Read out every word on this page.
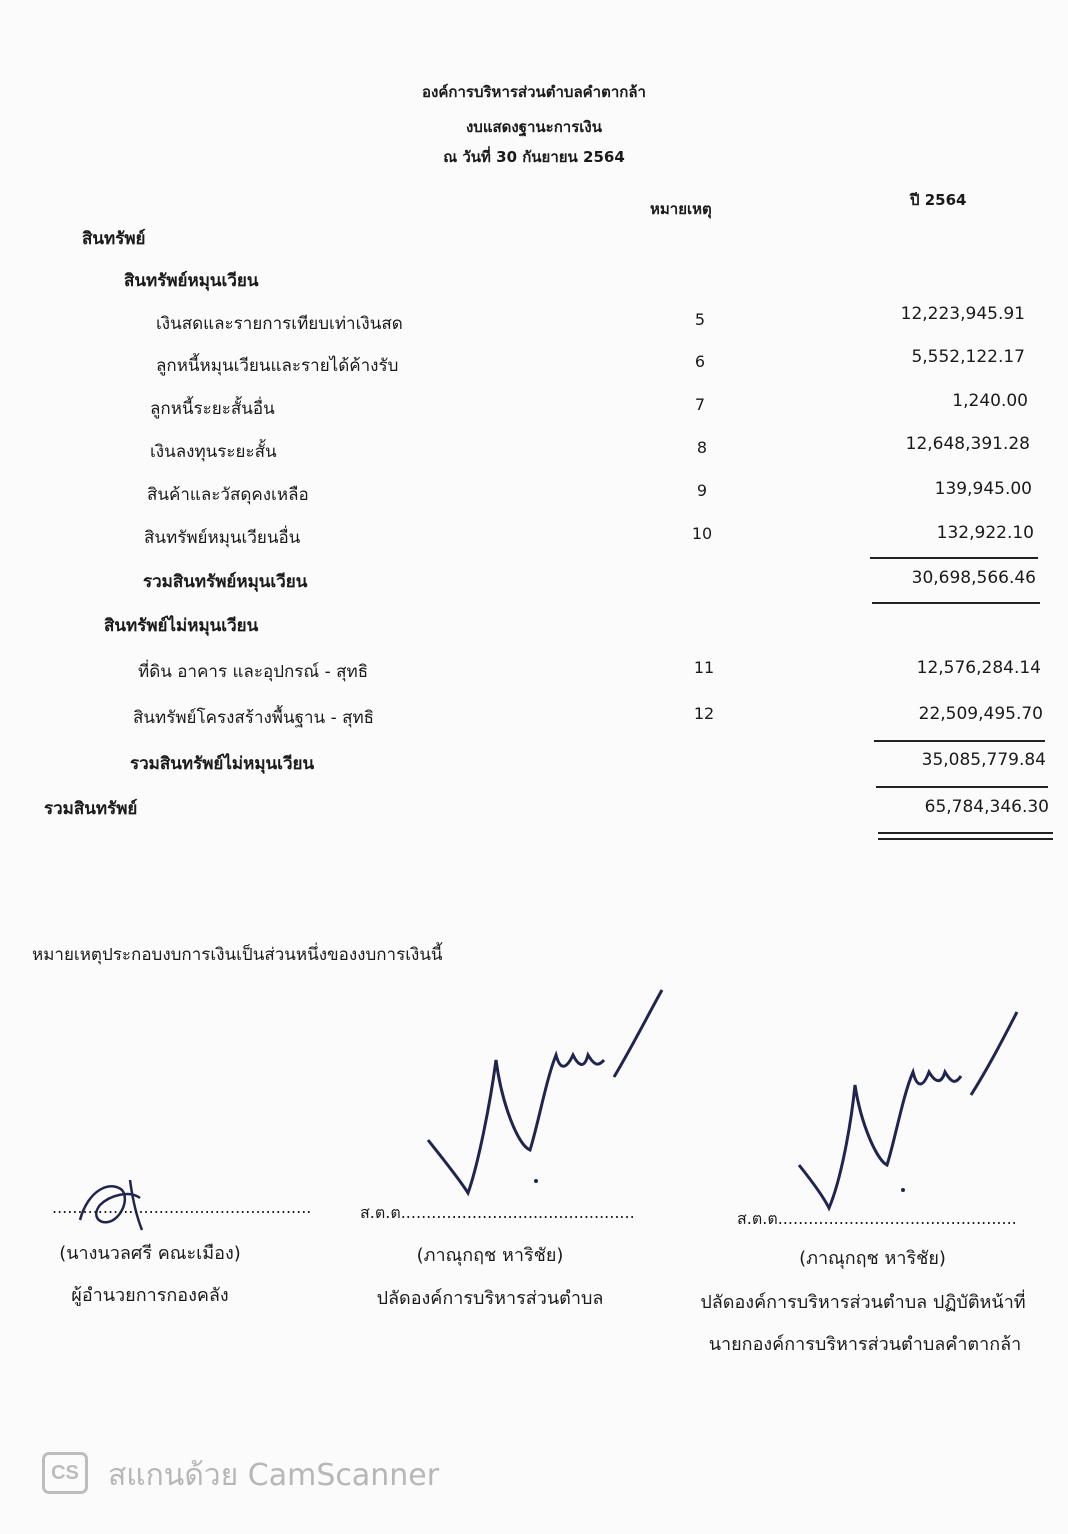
องค์การบริหารส่วนตำบลคำตากล้า
งบแสดงฐานะการเงิน
ณ วันที่ 30 กันยายน 2564
หมายเหตุ	ปี 2564
สินทรัพย์
สินทรัพย์หมุนเวียน
เงินสดและรายการเทียบเท่าเงินสด	5	12,223,945.91
ลูกหนี้หมุนเวียนและรายได้ค้างรับ	6	5,552,122.17
ลูกหนี้ระยะสั้นอื่น	7	1,240.00
เงินลงทุนระยะสั้น	8	12,648,391.28
สินค้าและวัสดุคงเหลือ	9	139,945.00
สินทรัพย์หมุนเวียนอื่น	10	132,922.10
รวมสินทรัพย์หมุนเวียน	30,698,566.46
สินทรัพย์ไม่หมุนเวียน
ที่ดิน อาคาร และอุปกรณ์ - สุทธิ	11	12,576,284.14
สินทรัพย์โครงสร้างพื้นฐาน - สุทธิ	12	22,509,495.70
รวมสินทรัพย์ไม่หมุนเวียน	35,085,779.84
รวมสินทรัพย์	65,784,346.30
หมายเหตุประกอบงบการเงินเป็นส่วนหนึ่งของงบการเงินนี้
...................................................
(นางนวลศรี คณะเมือง)
ผู้อำนวยการกองคลัง
ส.ต.ต..............................................
(ภาณุกฤช หาริชัย)
ปลัดองค์การบริหารส่วนตำบล
ส.ต.ต...............................................
(ภาณุกฤช หาริชัย)
ปลัดองค์การบริหารส่วนตำบล ปฏิบัติหน้าที่
นายกองค์การบริหารส่วนตำบลคำตากล้า
CS สแกนด้วย CamScanner
